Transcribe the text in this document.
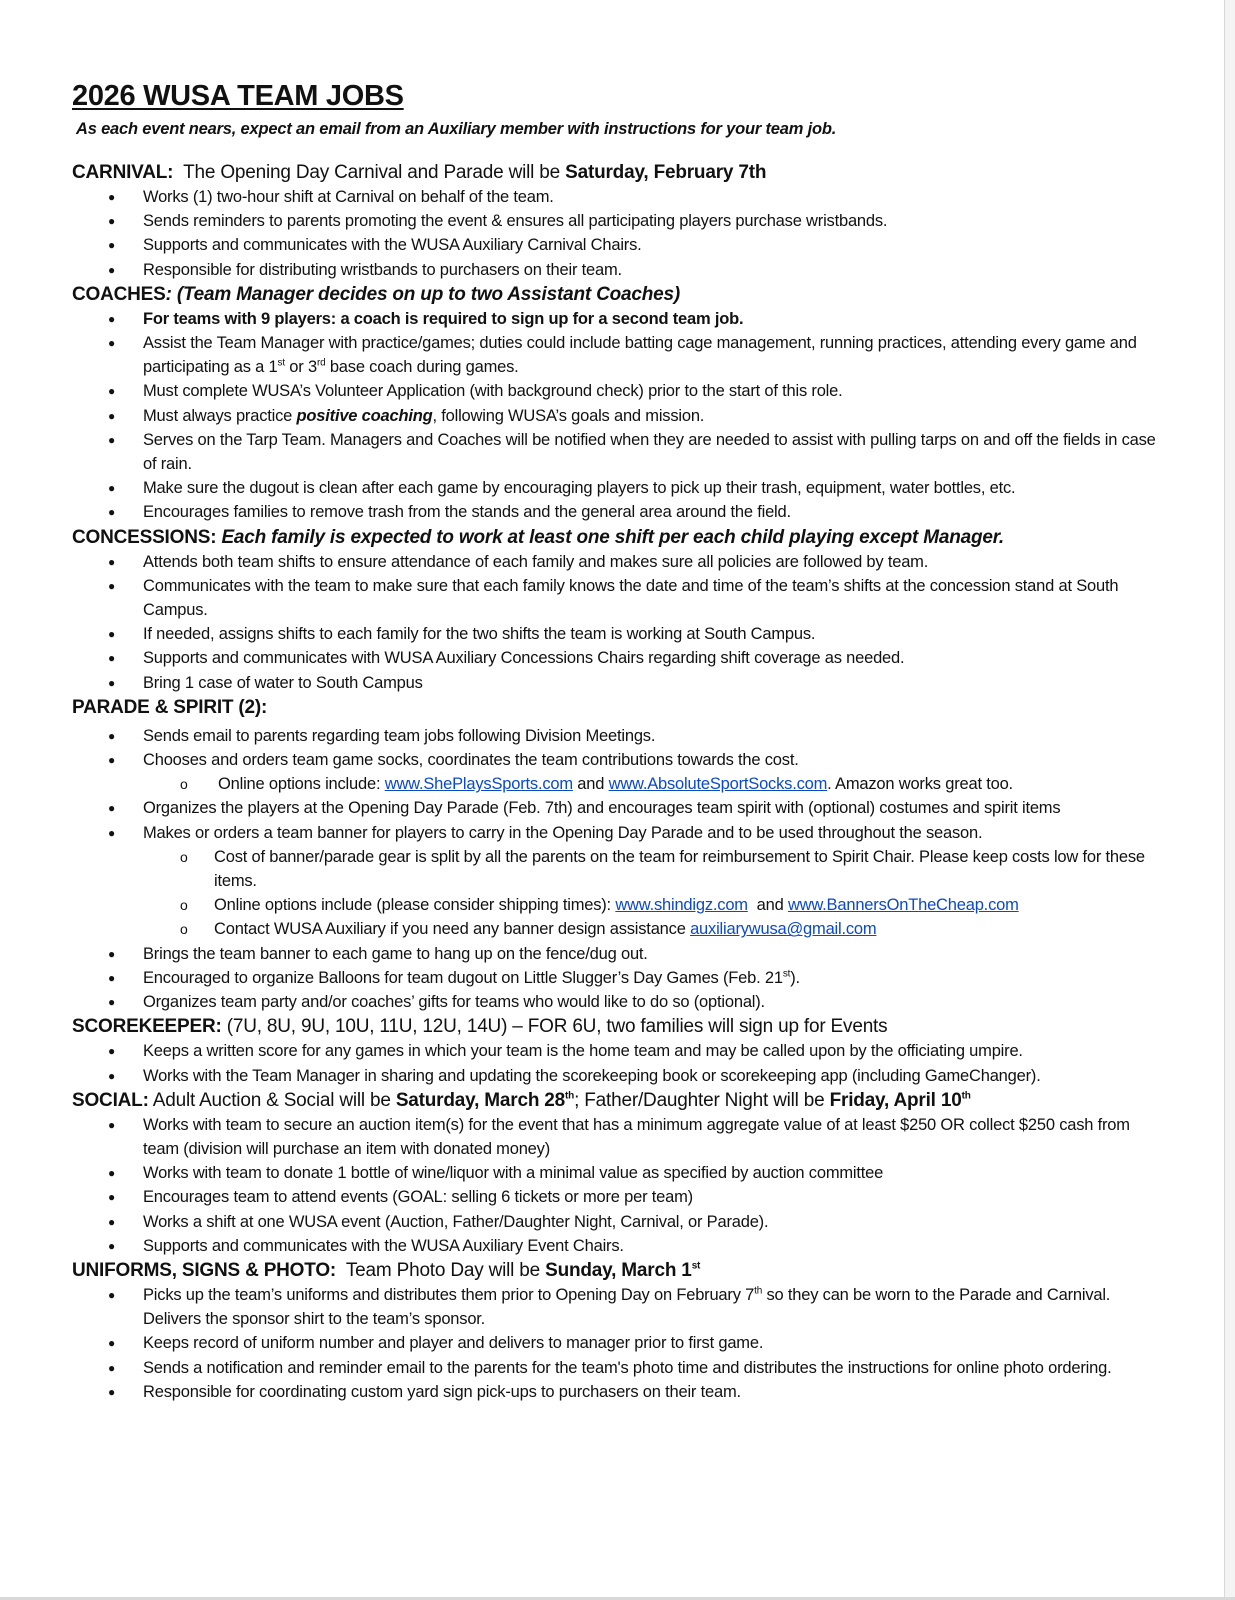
2026 WUSA TEAM JOBS
As each event nears, expect an email from an Auxiliary member with instructions for your team job.
CARNIVAL: The Opening Day Carnival and Parade will be Saturday, February 7th
● Works (1) two-hour shift at Carnival on behalf of the team.
● Sends reminders to parents promoting the event & ensures all participating players purchase wristbands.
● Supports and communicates with the WUSA Auxiliary Carnival Chairs.
● Responsible for distributing wristbands to purchasers on their team.
COACHES: (Team Manager decides on up to two Assistant Coaches)
● For teams with 9 players: a coach is required to sign up for a second team job.
● Assist the Team Manager with practice/games; duties could include batting cage management, running practices, attending every game and participating as a 1st or 3rd base coach during games.
● Must complete WUSA’s Volunteer Application (with background check) prior to the start of this role.
● Must always practice positive coaching, following WUSA’s goals and mission.
● Serves on the Tarp Team. Managers and Coaches will be notified when they are needed to assist with pulling tarps on and off the fields in case of rain.
● Make sure the dugout is clean after each game by encouraging players to pick up their trash, equipment, water bottles, etc.
● Encourages families to remove trash from the stands and the general area around the field.
CONCESSIONS: Each family is expected to work at least one shift per each child playing except Manager.
● Attends both team shifts to ensure attendance of each family and makes sure all policies are followed by team.
● Communicates with the team to make sure that each family knows the date and time of the team’s shifts at the concession stand at South Campus.
● If needed, assigns shifts to each family for the two shifts the team is working at South Campus.
● Supports and communicates with WUSA Auxiliary Concessions Chairs regarding shift coverage as needed.
● Bring 1 case of water to South Campus
PARADE & SPIRIT (2):
● Sends email to parents regarding team jobs following Division Meetings.
● Chooses and orders team game socks, coordinates the team contributions towards the cost.
o Online options include: www.ShePlaysSports.com and www.AbsoluteSportSocks.com. Amazon works great too.
● Organizes the players at the Opening Day Parade (Feb. 7th) and encourages team spirit with (optional) costumes and spirit items
● Makes or orders a team banner for players to carry in the Opening Day Parade and to be used throughout the season.
o Cost of banner/parade gear is split by all the parents on the team for reimbursement to Spirit Chair. Please keep costs low for these items.
o Online options include (please consider shipping times): www.shindigz.com  and www.BannersOnTheCheap.com
o Contact WUSA Auxiliary if you need any banner design assistance auxiliarywusa@gmail.com
● Brings the team banner to each game to hang up on the fence/dug out.
● Encouraged to organize Balloons for team dugout on Little Slugger’s Day Games (Feb. 21st).
● Organizes team party and/or coaches’ gifts for teams who would like to do so (optional).
SCOREKEEPER: (7U, 8U, 9U, 10U, 11U, 12U, 14U) – FOR 6U, two families will sign up for Events
● Keeps a written score for any games in which your team is the home team and may be called upon by the officiating umpire.
● Works with the Team Manager in sharing and updating the scorekeeping book or scorekeeping app (including GameChanger).
SOCIAL: Adult Auction & Social will be Saturday, March 28th; Father/Daughter Night will be Friday, April 10th
● Works with team to secure an auction item(s) for the event that has a minimum aggregate value of at least $250 OR collect $250 cash from team (division will purchase an item with donated money)
● Works with team to donate 1 bottle of wine/liquor with a minimal value as specified by auction committee
● Encourages team to attend events (GOAL: selling 6 tickets or more per team)
● Works a shift at one WUSA event (Auction, Father/Daughter Night, Carnival, or Parade).
● Supports and communicates with the WUSA Auxiliary Event Chairs.
UNIFORMS, SIGNS & PHOTO: Team Photo Day will be Sunday, March 1st
● Picks up the team’s uniforms and distributes them prior to Opening Day on February 7th so they can be worn to the Parade and Carnival. Delivers the sponsor shirt to the team’s sponsor.
● Keeps record of uniform number and player and delivers to manager prior to first game.
● Sends a notification and reminder email to the parents for the team's photo time and distributes the instructions for online photo ordering.
● Responsible for coordinating custom yard sign pick-ups to purchasers on their team.
